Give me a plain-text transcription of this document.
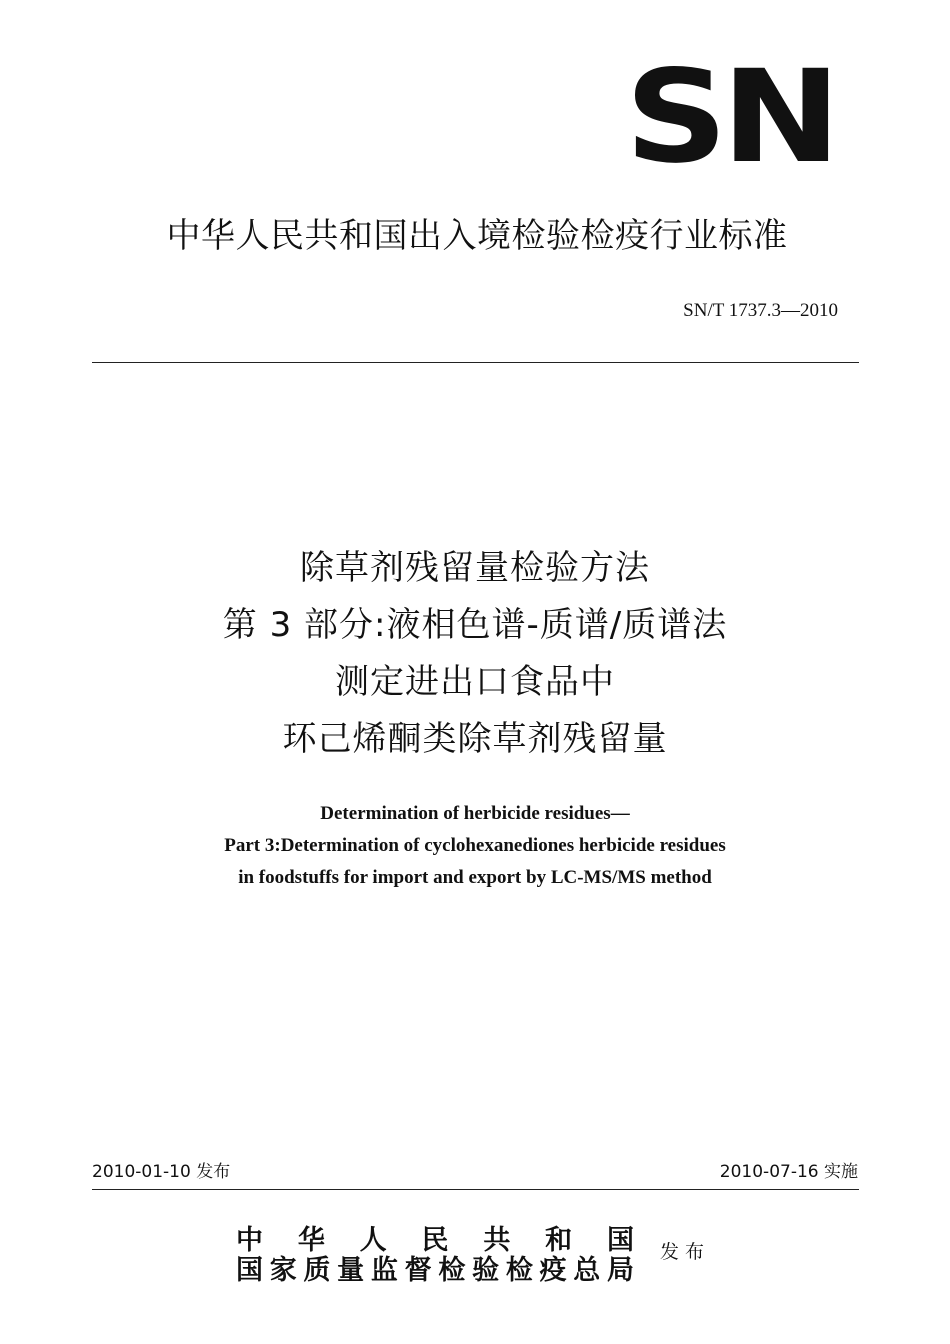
SN
中华人民共和国出入境检验检疫行业标准
SN/T 1737.3—2010
除草剂残留量检验方法
第 3 部分:液相色谱-质谱/质谱法
测定进出口食品中
环己烯酮类除草剂残留量
Determination of herbicide residues—
Part 3:Determination of cyclohexanediones herbicide residues
in foodstuffs for import and export by LC-MS/MS method
2010-01-10 发布	2010-07-16 实施
中华人民共和国
国家质量监督检验检疫总局
发布
